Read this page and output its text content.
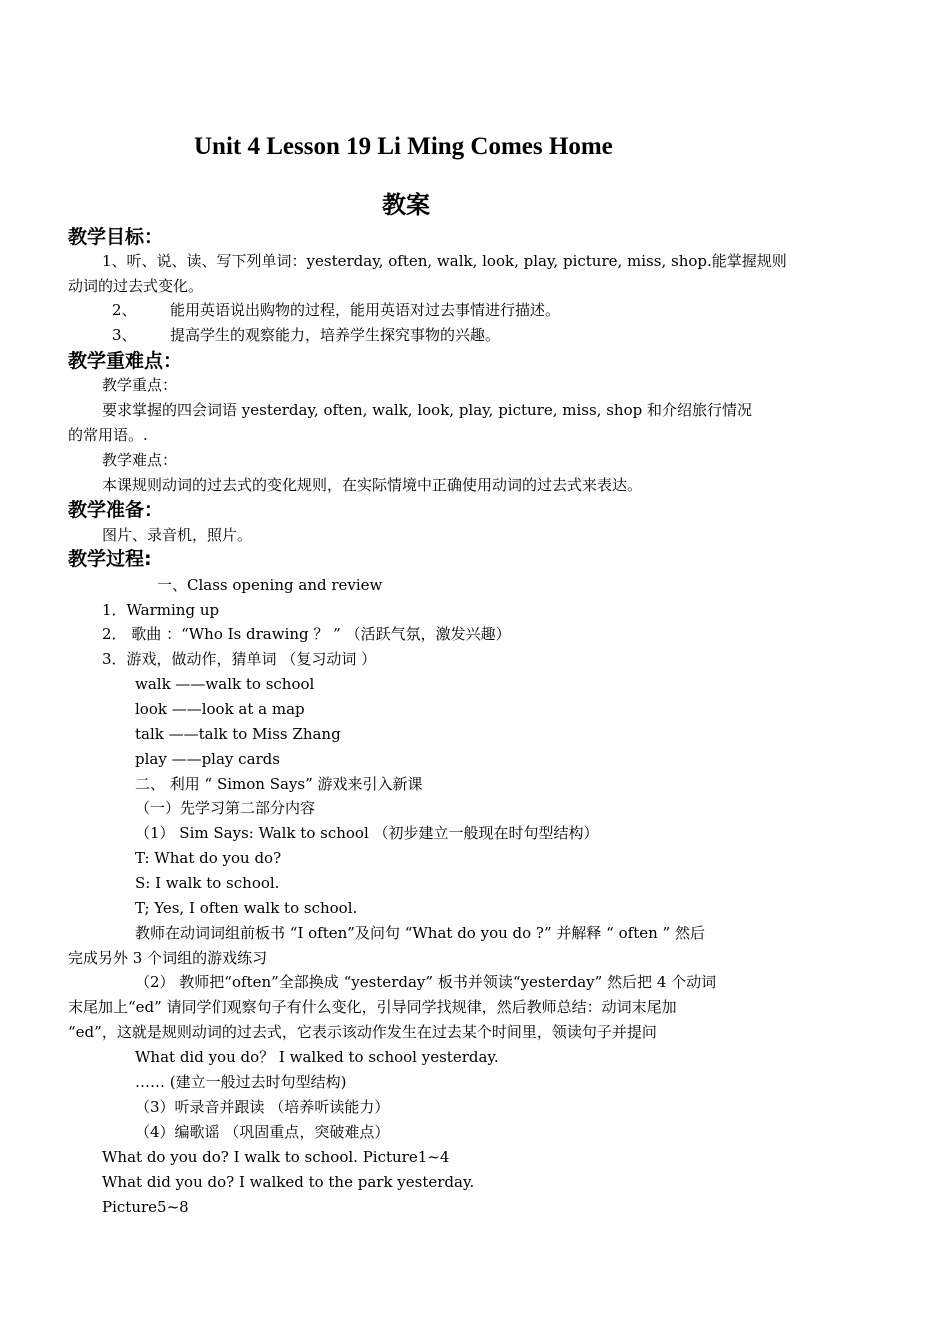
Unit 4 Lesson 19 Li Ming Comes Home
教案
教学目标：
1、听、说、读、写下列单词：yesterday, often, walk, look, play, picture, miss, shop.能掌握规则
动词的过去式变化。
2、 能用英语说出购物的过程，能用英语对过去事情进行描述。
3、 提高学生的观察能力，培养学生探究事物的兴趣。
教学重难点：
教学重点：
要求掌握的四会词语 yesterday, often, walk, look, play, picture, miss, shop 和介绍旅行情况
的常用语。.
教学难点：
本课规则动词的过去式的变化规则，在实际情境中正确使用动词的过去式来表达。
教学准备：
图片、录音机，照片。
教学过程:
一、Class opening and review
1．Warming up
2． 歌曲 ：“Who Is drawing ？ ” （活跃气氛，激发兴趣）
3．游戏，做动作，猜单词 （复习动词 ）
walk ——walk to school
look ——look at a map
talk ——talk to Miss Zhang
play ——play cards
二、 利用 “ Simon Says” 游戏来引入新课
（一）先学习第二部分内容
（1） Sim Says: Walk to school （初步建立一般现在时句型结构）
T: What do you do?
S: I walk to school.
T; Yes, I often walk to school.
教师在动词词组前板书 “I often”及问句 “What do you do ?” 并解释 “ often ” 然后
完成另外 3 个词组的游戏练习
（2） 教师把“often”全部换成 “yesterday” 板书并领读“yesterday” 然后把 4 个动词
末尾加上“ed” 请同学们观察句子有什么变化，引导同学找规律，然后教师总结：动词末尾加
“ed”，这就是规则动词的过去式，它表示该动作发生在过去某个时间里，领读句子并提问
What did you do？ I walked to school yesterday.
…… (建立一般过去时句型结构)
（3）听录音并跟读 （培养听读能力）
（4）编歌谣 （巩固重点，突破难点）
What do you do? I walk to school. Picture1~4
What did you do? I walked to the park yesterday.
Picture5~8
